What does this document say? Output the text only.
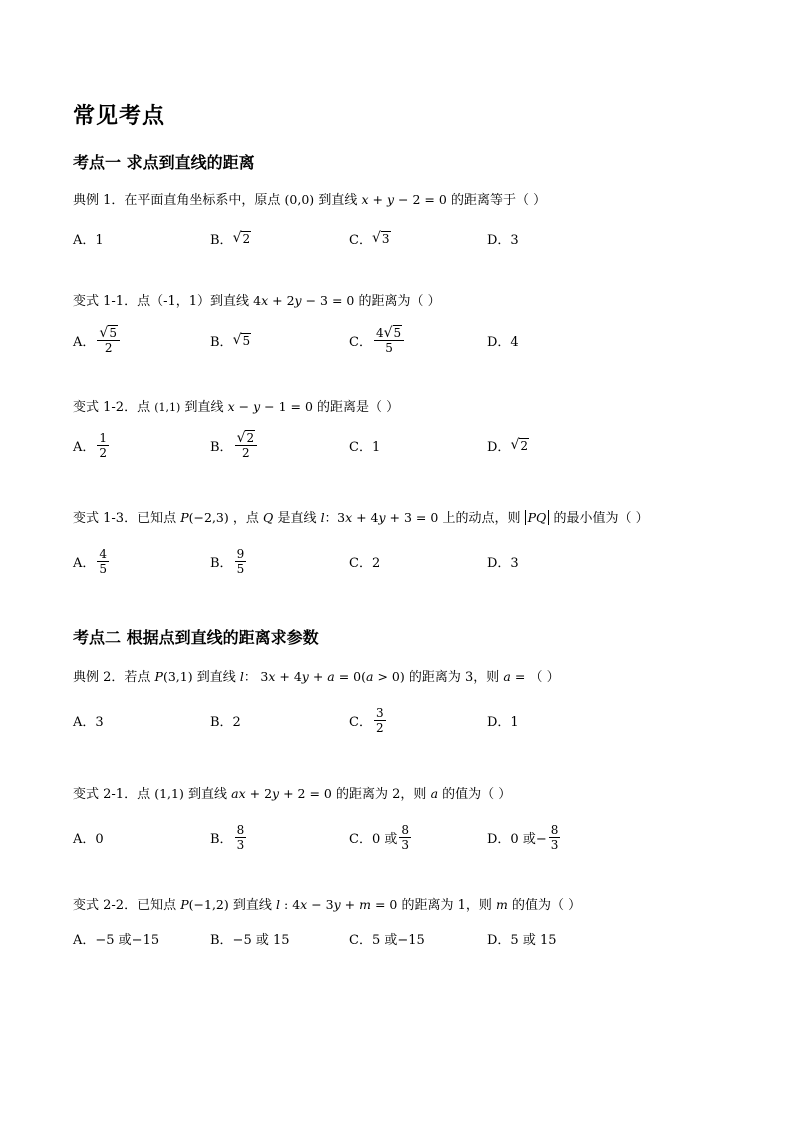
常见考点
考点一 求点到直线的距离
典例 1．在平面直角坐标系中，原点 (0,0) 到直线 x + y − 2 = 0 的距离等于（ ）
A．1	B． √ 2	C． √ 3	D．3
变式 1-1．点（-1，1）到直线 4x + 2y − 3 = 0 的距离为（ ）
A． $\frac{√ 5}{2}$	B． √ 5	C． $\frac{4 √ 5}{5}$	D．4
变式 1-2．点 (1,1) 到直线 x − y − 1 = 0 的距离是（ ）
A． $\frac{1}{2}$	B． $\frac{√ 2}{2}$	C．1	D． √ 2
变式 1-3．已知点 P(−2,3) ，点 Q 是直线 l：3x + 4y + 3 = 0 上的动点，则 PQ 的最小值为（ ）
A． $\frac{4}{5}$	B． $\frac{9}{5}$	C．2	D．3
考点二 根据点到直线的距离求参数
典例 2．若点 P(3,1) 到直线 l： 3x + 4y + a = 0(a > 0) 的距离为 3，则 a = （ ）
A．3	B．2	C． $\frac{3}{2}$	D．1
变式 2-1．点 (1,1) 到直线 ax + 2y + 2 = 0 的距离为 2，则 a 的值为（ ）
A．0	B． $\frac{8}{3}$	C．0 或 $\frac{8}{3}$	D．0 或− $\frac{8}{3}$
变式 2-2．已知点 P(−1,2) 到直线 l : 4x − 3y + m = 0 的距离为 1，则 m 的值为（ ）
A．−5 或−15	B．−5 或 15	C．5 或−15	D．5 或 15
